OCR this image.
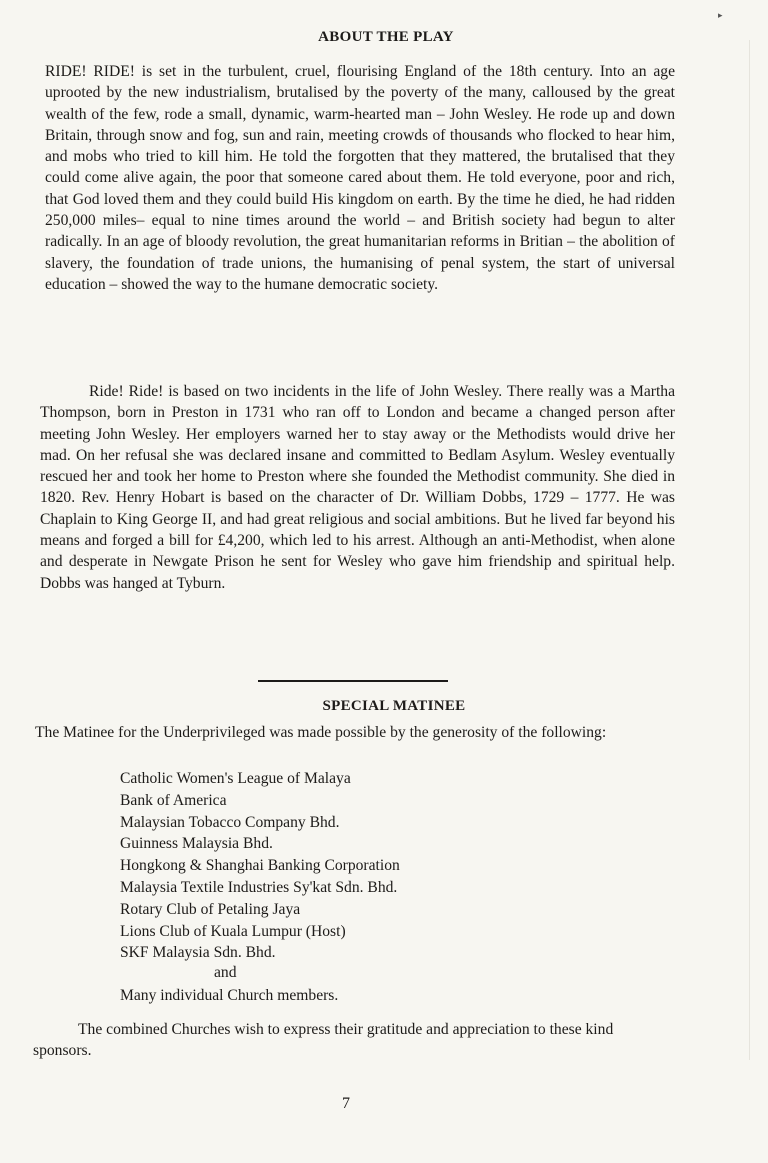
▸
ABOUT THE PLAY
RIDE! RIDE! is set in the turbulent, cruel, flourising England of the 18th century. Into an age uprooted by the new industrialism, brutalised by the poverty of the many, calloused by the great wealth of the few, rode a small, dynamic, warm-hearted man – John Wesley. He rode up and down Britain, through snow and fog, sun and rain, meeting crowds of thousands who flocked to hear him, and mobs who tried to kill him. He told the forgotten that they mattered, the brutalised that they could come alive again, the poor that someone cared about them. He told everyone, poor and rich, that God loved them and they could build His kingdom on earth. By the time he died, he had ridden 250,000 miles– equal to nine times around the world – and British society had begun to alter radically. In an age of bloody revolution, the great humanitarian reforms in Britian – the abolition of slavery, the foundation of trade unions, the humanising of penal system, the start of universal education – showed the way to the humane democratic society.
Ride! Ride! is based on two incidents in the life of John Wesley. There really was a Martha Thompson, born in Preston in 1731 who ran off to London and became a changed person after meeting John Wesley. Her employers warned her to stay away or the Methodists would drive her mad. On her refusal she was declared insane and committed to Bedlam Asylum. Wesley eventually rescued her and took her home to Preston where she founded the Methodist community. She died in 1820. Rev. Henry Hobart is based on the character of Dr. William Dobbs, 1729 – 1777. He was Chaplain to King George II, and had great religious and social ambitions. But he lived far beyond his means and forged a bill for £4,200, which led to his arrest. Although an anti-Methodist, when alone and desperate in Newgate Prison he sent for Wesley who gave him friendship and spiritual help. Dobbs was hanged at Tyburn.
SPECIAL MATINEE
The Matinee for the Underprivileged was made possible by the generosity of the following:
Catholic Women's League of Malaya
Bank of America
Malaysian Tobacco Company Bhd.
Guinness Malaysia Bhd.
Hongkong & Shanghai Banking Corporation
Malaysia Textile Industries Sy'kat Sdn. Bhd.
Rotary Club of Petaling Jaya
Lions Club of Kuala Lumpur (Host)
SKF Malaysia Sdn. Bhd.
and
Many individual Church members.
The combined Churches wish to express their gratitude and appreciation to these kind sponsors.
7
